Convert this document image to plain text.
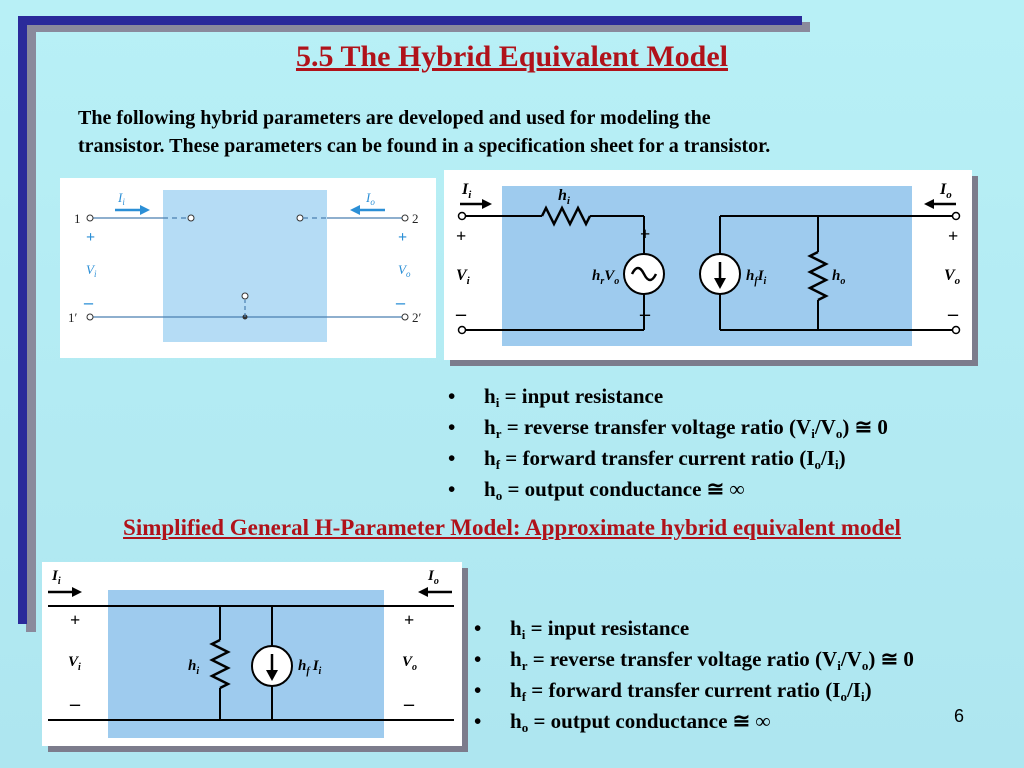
5.5 The Hybrid Equivalent Model
The following hybrid parameters are developed and used for modeling the
transistor. These parameters can be found in a specification sheet for a transistor.
$I_i$	$I_o$
1	2
1′	2′
+	+
–	–
$V_i$	$V_o$
$I_i$	$I_o$
$h_i$
$h_rV_o$	$h_fI_i$	$h_o$
+
–
+	+
–	–
$V_i$	$V_o$
• $h_i$ = input resistance
• $h_r$ = reverse transfer voltage ratio $(V_i/V_o)$ ≅ 0
• $h_f$ = forward transfer current ratio $(I_o/I_i)$
• $h_o$ = output conductance ≅ ∞
Simplified General H-Parameter Model: Approximate hybrid equivalent model
$I_i$	$I_o$
+	+
–	–
$V_i$	$V_o$
$h_i$	$h_f$ $I_i$
• $h_i$ = input resistance
• $h_r$ = reverse transfer voltage ratio $(V_i/V_o)$ ≅ 0
• $h_f$ = forward transfer current ratio $(I_o/I_i)$
• $h_o$ = output conductance ≅ ∞	6
